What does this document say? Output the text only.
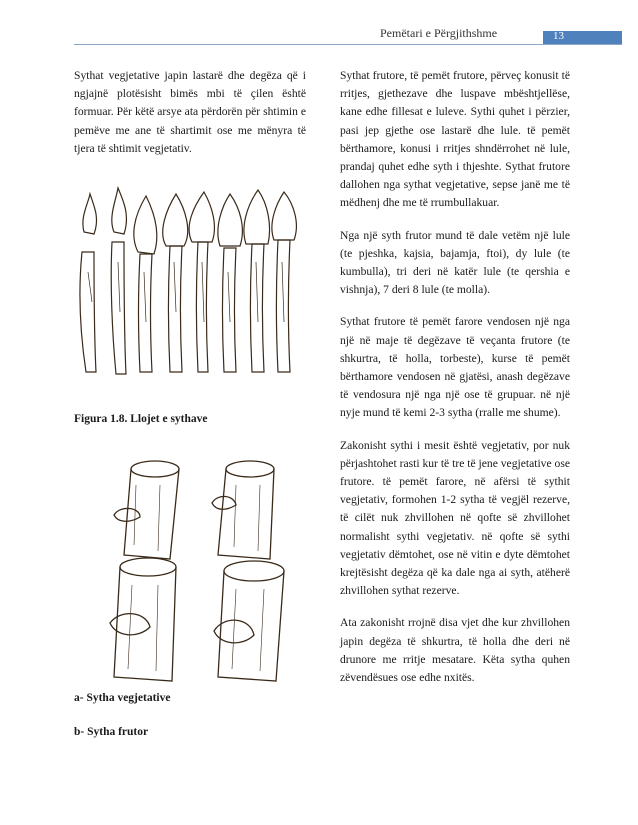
Pemëtari e Përgjithshme	13

Sythat vegjetative japin lastarë dhe degëza që i ngjajnë plotësisht bimës mbi të çilen është formuar. Për këtë arsye ata përdorën për shtimin e pemëve me ane të shartimit ose me mënyra të tjera të shtimit vegjetativ.

Figura 1.8. Llojet e sythave
a- Sytha vegjetative
b- Sytha frutor

Sythat frutore, të pemët frutore, përveç konusit të rritjes, gjethezave dhe luspave mbështjellëse, kane edhe fillesat e luleve. Sythi quhet i përzier, pasi jep gjethe ose lastarë dhe lule. të pemët bërthamore, konusi i rritjes shndërrohet në lule, prandaj quhet edhe syth i thjeshte. Sythat frutore dallohen nga sythat vegjetative, sepse janë me të mëdhenj dhe me të rrumbullakuar.

Nga një syth frutor mund të dale vetëm një lule (te pjeshka, kajsia, bajamja, ftoi), dy lule (te kumbulla), tri deri në katër lule (te qershia e vishnja), 7 deri 8 lule (te molla).

Sythat frutore të pemët farore vendosen një nga një në maje të degëzave të veçanta frutore (te shkurtra, të holla, torbeste), kurse të pemët bërthamore vendosen në gjatësi, anash degëzave të vendosura një nga një ose të grupuar. në një nyje mund të kemi 2-3 sytha (rralle me shume).

Zakonisht sythi i mesit është vegjetativ, por nuk përjashtohet rasti kur të tre të jene vegjetative ose frutore. të pemët farore, në afërsi të sythit vegjetativ, formohen 1-2 sytha të vegjël rezerve, të cilët nuk zhvillohen në qofte së zhvillohet normalisht sythi vegjetativ. në qofte së sythi vegjetativ dëmtohet, ose në vitin e dyte dëmtohet krejtësisht degëza që ka dale nga ai syth, atëherë zhvillohen sythat rezerve.

Ata zakonisht rrojnë disa vjet dhe kur zhvillohen japin degëza të shkurtra, të holla dhe deri në drunore me rritje mesatare. Këta sytha quhen zëvendësues ose edhe nxitës.
